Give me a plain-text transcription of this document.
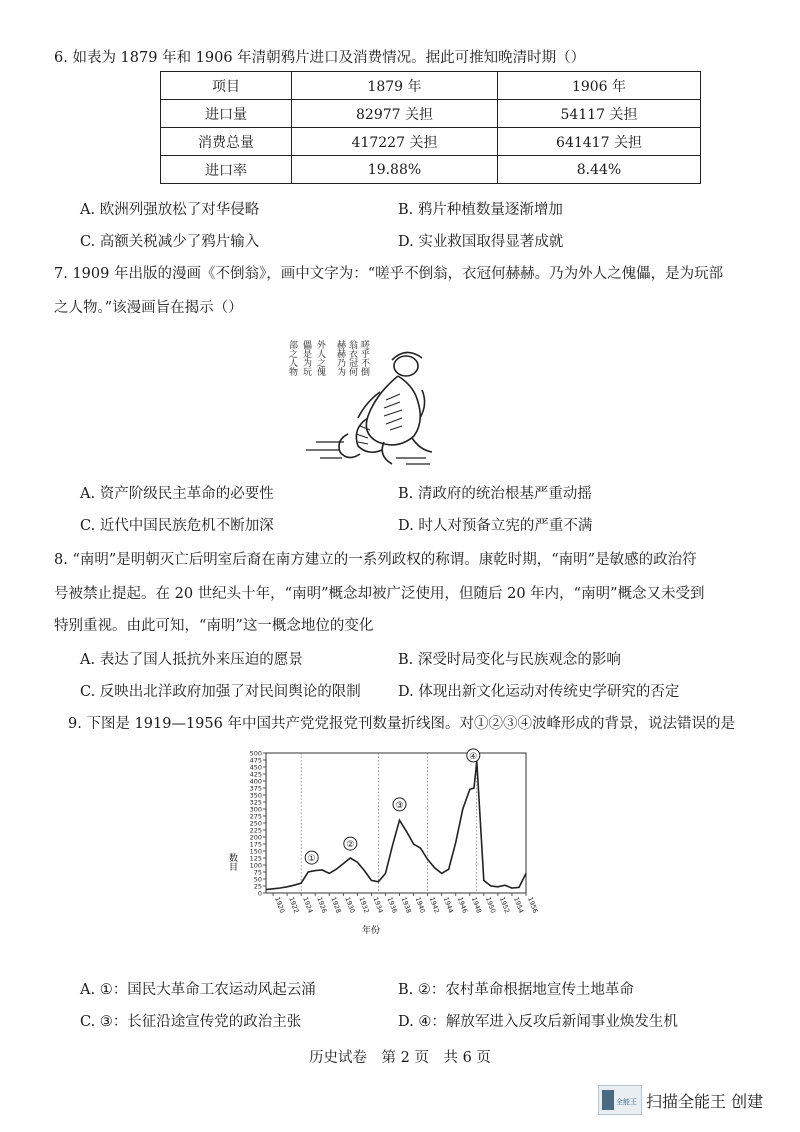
6. 如表为 1879 年和 1906 年清朝鸦片进口及消费情况。据此可推知晚清时期（）
项目	1879 年	1906 年
进口量	82977 关担	54117 关担
消费总量	417227 关担	641417 关担
进口率	19.88%	8.44%
A. 欧洲列强放松了对华侵略	B. 鸦片种植数量逐渐增加
C. 高额关税减少了鸦片输入	D. 实业救国取得显著成就
7. 1909 年出版的漫画《不倒翁》，画中文字为：“嗟乎不倒翁，衣冠何赫赫。乃为外人之傀儡，是为玩部
之人物。”该漫画旨在揭示（）
嗟乎不倒
翁衣冠何
赫赫乃为
外人之傀
儡是为玩
部之人物
A. 资产阶级民主革命的必要性	B. 清政府的统治根基严重动摇
C. 近代中国民族危机不断加深	D. 时人对预备立宪的严重不满
8. “南明”是明朝灭亡后明室后裔在南方建立的一系列政权的称谓。康乾时期，“南明”是敏感的政治符
号被禁止提起。在 20 世纪头十年，“南明”概念却被广泛使用，但随后 20 年内，“南明”概念又未受到
特别重视。由此可知，“南明”这一概念地位的变化
A. 表达了国人抵抗外来压迫的愿景	B. 深受时局变化与民族观念的影响
C. 反映出北洋政府加强了对民间舆论的限制	D. 体现出新文化运动对传统史学研究的否定
9. 下图是 1919—1956 年中国共产党党报党刊数量折线图。对①②③④波峰形成的背景，说法错误的是
0
25
50
75
100
125
150
175
200
225
250
275
300
325
350
375
400
425
450
475
500
1920 1922 1924 1926 1928 1930 1932 1934 1936 1938 1940 1942 1944 1946 1948 1950 1952 1954 1956
①
②
③
④
年份
数目
A. ①：国民大革命工农运动风起云涌	B. ②：农村革命根据地宣传土地革命
C. ③：长征沿途宣传党的政治主张	D. ④：解放军进入反攻后新闻事业焕发生机
历史试卷　第 2 页　共 6 页
全能王 扫描全能王 创建
